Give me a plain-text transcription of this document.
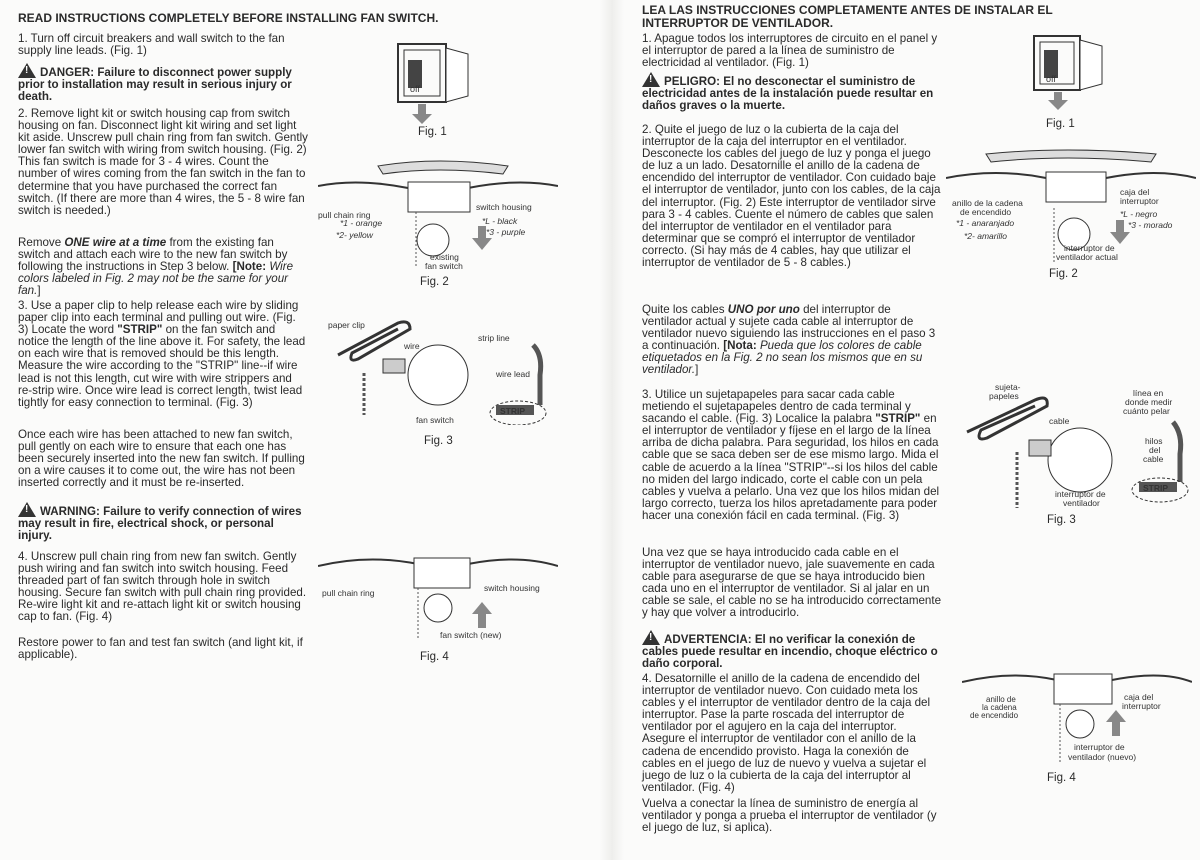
READ INSTRUCTIONS COMPLETELY BEFORE INSTALLING FAN SWITCH.

1. Turn off circuit breakers and wall switch to the fan supply line leads. (Fig. 1)

!DANGER: Failure to disconnect power supply prior to installation may result in serious injury or death.

2. Remove light kit or switch housing cap from switch housing on fan. Disconnect light kit wiring and set light kit aside. Unscrew pull chain ring from fan switch. Gently lower fan switch with wiring from switch housing. (Fig. 2) This fan switch is made for 3 - 4 wires. Count the number of wires coming from the fan switch in the fan to determine that you have purchased the correct fan switch. (If there are more than 4 wires, the 5 - 8 wire fan switch is needed.)

Remove ONE wire at a time from the existing fan switch and attach each wire to the new fan switch by following the instructions in Step 3 below. [Note: Wire colors labeled in Fig. 2 may not be the same for your fan.]

3. Use a paper clip to help release each wire by sliding paper clip into each terminal and pulling out wire. (Fig. 3) Locate the word "STRIP" on the fan switch and notice the length of the line above it. For safety, the lead on each wire that is removed should be this length. Measure the wire according to the "STRIP" line--if wire lead is not this length, cut wire with wire strippers and re-strip wire. Once wire lead is correct length, twist lead tightly for easy connection to terminal. (Fig. 3)

Once each wire has been attached to new fan switch, pull gently on each wire to ensure that each one has been securely inserted into the new fan switch. If pulling on a wire causes it to come out, the wire has not been inserted correctly and it must be re-inserted.

!WARNING: Failure to verify connection of wires may result in fire, electrical shock, or personal injury.

4. Unscrew pull chain ring from new fan switch. Gently push wiring and fan switch into switch housing. Feed threaded part of fan switch through hole in switch housing. Secure fan switch with pull chain ring provided. Re-wire light kit and re-attach light kit or switch housing cap to fan. (Fig. 4)

Restore power to fan and test fan switch (and light kit, if applicable).

off
Fig. 1
pull chain ring
switch housing
*1 - orange
*2- yellow
*L - black
*3 - purple
existing
fan switch
Fig. 2
paper clip
wire
strip line
wire lead
STRIP
fan switch
Fig. 3
pull chain ring	switch housing
fan switch (new)
Fig. 4

LEA LAS INSTRUCCIONES COMPLETAMENTE ANTES DE INSTALAR EL INTERRUPTOR DE VENTILADOR.

1. Apague todos los interruptores de circuito en el panel y el interruptor de pared a la línea de suministro de electricidad al ventilador. (Fig. 1)

!PELIGRO: El no desconectar el suministro de electricidad antes de la instalación puede resultar en daños graves o la muerte.

2. Quite el juego de luz o la cubierta de la caja del interruptor de la caja del interruptor en el ventilador. Desconecte los cables del juego de luz y ponga el juego de luz a un lado. Desatornille el anillo de la cadena de encendido del interruptor de ventilador. Con cuidado baje el interruptor de ventilador, junto con los cables, de la caja del interruptor. (Fig. 2) Este interruptor de ventilador sirve para 3 - 4 cables. Cuente el número de cables que salen del interruptor de ventilador en el ventilador para determinar que se compró el interruptor de ventilador correcto. (Si hay más de 4 cables, hay que utilizar el interruptor de ventilador de 5 - 8 cables.)

Quite los cables UNO por uno del interruptor de ventilador actual y sujete cada cable al interruptor de ventilador nuevo siguiendo las instrucciones en el paso 3 a continuación. [Nota: Pueda que los colores de cable etiquetados en la Fig. 2 no sean los mismos que en su ventilador.]

3. Utilice un sujetapapeles para sacar cada cable metiendo el sujetapapeles dentro de cada terminal y sacando el cable. (Fig. 3) Localice la palabra "STRIP" en el interruptor de ventilador y fíjese en el largo de la línea arriba de dicha palabra. Para seguridad, los hilos en cada cable que se saca deben ser de ese mismo largo. Mida el cable de acuerdo a la línea "STRIP"--si los hilos del cable no miden del largo indicado, corte el cable con un pela cables y vuelva a pelarlo. Una vez que los hilos midan del largo correcto, tuerza los hilos apretadamente para poder hacer una conexión fácil en cada terminal. (Fig. 3)

Una vez que se haya introducido cada cable en el interruptor de ventilador nuevo, jale suavemente en cada cable para asegurarse de que se haya introducido bien cada uno en el interruptor de ventilador. Si al jalar en un cable se sale, el cable no se ha introducido correctamente y hay que volver a introducirlo.

!ADVERTENCIA: El no verificar la conexión de cables puede resultar en incendio, choque eléctrico o daño corporal.

4. Desatornille el anillo de la cadena de encendido del interruptor de ventilador nuevo. Con cuidado meta los cables y el interruptor de ventilador dentro de la caja del interruptor. Pase la parte roscada del interruptor de ventilador por el agujero en la caja del interruptor. Asegure el interruptor de ventilador con el anillo de la cadena de encendido provisto. Haga la conexión de cables en el juego de luz de nuevo y vuelva a sujetar el juego de luz o la cubierta de la caja del interruptor al ventilador. (Fig. 4)

Vuelva a conectar la línea de suministro de energía al ventilador y ponga a prueba el interruptor de ventilador (y el juego de luz, si aplica).

off
Fig. 1
anillo de la cadena
de encendido
caja del
interruptor
*1 - anaranjado
*2- amarillo
*L - negro
*3 - morado
interruptor de
ventilador actual
Fig. 2
sujeta-
papeles
cable
línea en
donde medir
cuánto pelar
hilos
del
cable
STRIP
interruptor de
ventilador
Fig. 3
anillo de
la cadena
de encendido
caja del
interruptor
interruptor de
ventilador (nuevo)
Fig. 4
